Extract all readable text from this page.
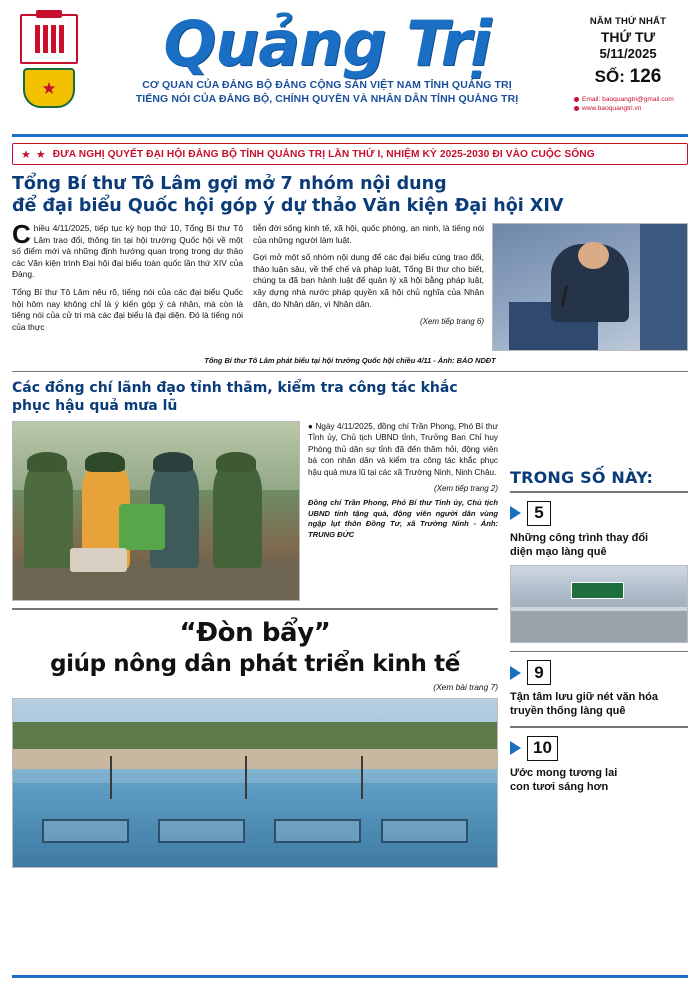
★
Quảng Trị
CƠ QUAN CỦA ĐẢNG BỘ ĐẢNG CỘNG SẢN VIỆT NAM TỈNH QUẢNG TRỊ
TIẾNG NÓI CỦA ĐẢNG BỘ, CHÍNH QUYỀN VÀ NHÂN DÂN TỈNH QUẢNG TRỊ
NĂM THỨ NHẤT
THỨ TƯ
5/11/2025
SỐ: 126
Email: baoquangtri@gmail.com
www.baoquangtri.vn
★ ★ ĐƯA NGHỊ QUYẾT ĐẠI HỘI ĐẢNG BỘ TỈNH QUẢNG TRỊ LẦN THỨ I, NHIỆM KỲ 2025-2030 ĐI VÀO CUỘC SỐNG
Tổng Bí thư Tô Lâm gợi mở 7 nhóm nội dung
để đại biểu Quốc hội góp ý dự thảo Văn kiện Đại hội XIV

Chiều 4/11/2025, tiếp tục kỳ họp thứ 10, Tổng Bí thư Tô Lâm trao đổi, thông tin tại hội trường Quốc hội về một số điểm mới và những định hướng quan trọng trong dự thảo các Văn kiện trình Đại hội đại biểu toàn quốc lần thứ XIV của Đảng.

Tổng Bí thư Tô Lâm nêu rõ, tiếng nói của các đại biểu Quốc hội hôm nay không chỉ là ý kiến góp ý cá nhân, mà còn là tiếng nói của cử tri mà các đại biểu là đại diện. Đó là tiếng nói của thực

tiễn đời sống kinh tế, xã hội, quốc phòng, an ninh, là tiếng nói của những người làm luật.

Gợi mở một số nhóm nội dung để các đại biểu cùng trao đổi, thảo luận sâu, về thể chế và pháp luật, Tổng Bí thư cho biết, chúng ta đã ban hành luật để quản lý xã hội bằng pháp luật, xây dựng nhà nước pháp quyền xã hội chủ nghĩa của Nhân dân, do Nhân dân, vì Nhân dân.

(Xem tiếp trang 6)
Tổng Bí thư Tô Lâm phát biểu tại hội trường Quốc hội chiều 4/11 - Ảnh: BÁO NDĐT
Các đồng chí lãnh đạo tỉnh thăm, kiểm tra công tác khắc phục hậu quả mưa lũ

● Ngày 4/11/2025, đồng chí Trần Phong, Phó Bí thư Tỉnh ủy, Chủ tịch UBND tỉnh, Trưởng Ban Chỉ huy Phòng thủ dân sự tỉnh đã đến thăm hỏi, động viên bà con nhân dân và kiểm tra công tác khắc phục hậu quả mưa lũ tại các xã Trường Ninh, Ninh Châu.

(Xem tiếp trang 2)
Đồng chí Trần Phong, Phó Bí thư Tỉnh ủy, Chủ tịch UBND tỉnh tặng quà, động viên người dân vùng ngập lụt thôn Đồng Tư, xã Trường Ninh - Ảnh: TRUNG ĐỨC
“Đòn bẩy”
giúp nông dân phát triển kinh tế
(Xem bài trang 7)
TRONG SỐ NÀY:
5
Những công trình thay đổi
diện mạo làng quê
9
Tận tâm lưu giữ nét văn hóa
truyền thống làng quê
10
Ước mong tương lai
con tươi sáng hơn
